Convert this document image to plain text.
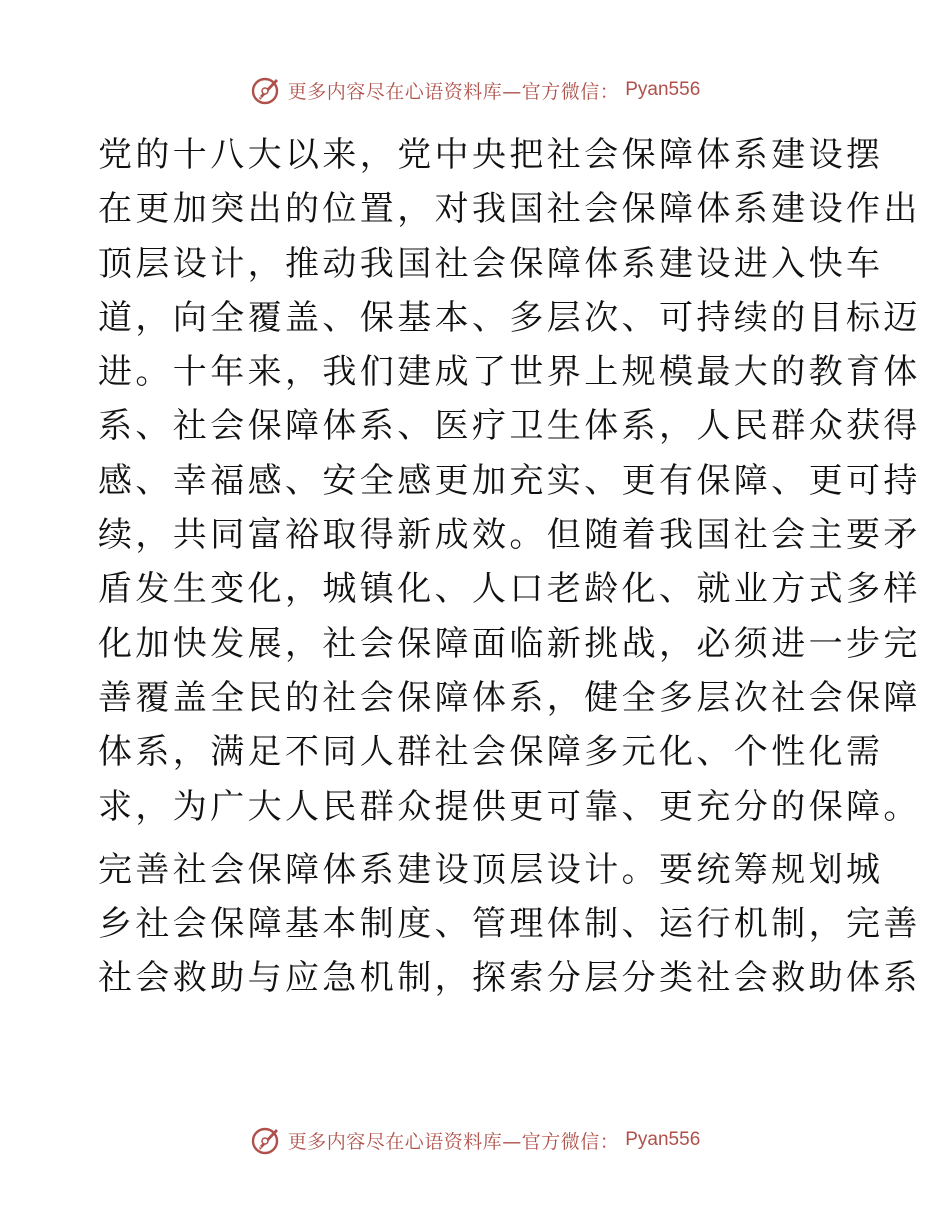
更多内容尽在心语资料库—官方微信： Pyan556

党的十八大以来，党中央把社会保障体系建设摆
在更加突出的位置，对我国社会保障体系建设作出
顶层设计，推动我国社会保障体系建设进入快车
道，向全覆盖、保基本、多层次、可持续的目标迈
进。十年来，我们建成了世界上规模最大的教育体
系、社会保障体系、医疗卫生体系，人民群众获得
感、幸福感、安全感更加充实、更有保障、更可持
续，共同富裕取得新成效。但随着我国社会主要矛
盾发生变化，城镇化、人口老龄化、就业方式多样
化加快发展，社会保障面临新挑战，必须进一步完
善覆盖全民的社会保障体系，健全多层次社会保障
体系，满足不同人群社会保障多元化、个性化需
求，为广大人民群众提供更可靠、更充分的保障。

完善社会保障体系建设顶层设计。要统筹规划城
乡社会保障基本制度、管理体制、运行机制，完善
社会救助与应急机制，探索分层分类社会救助体系

更多内容尽在心语资料库—官方微信： Pyan556
